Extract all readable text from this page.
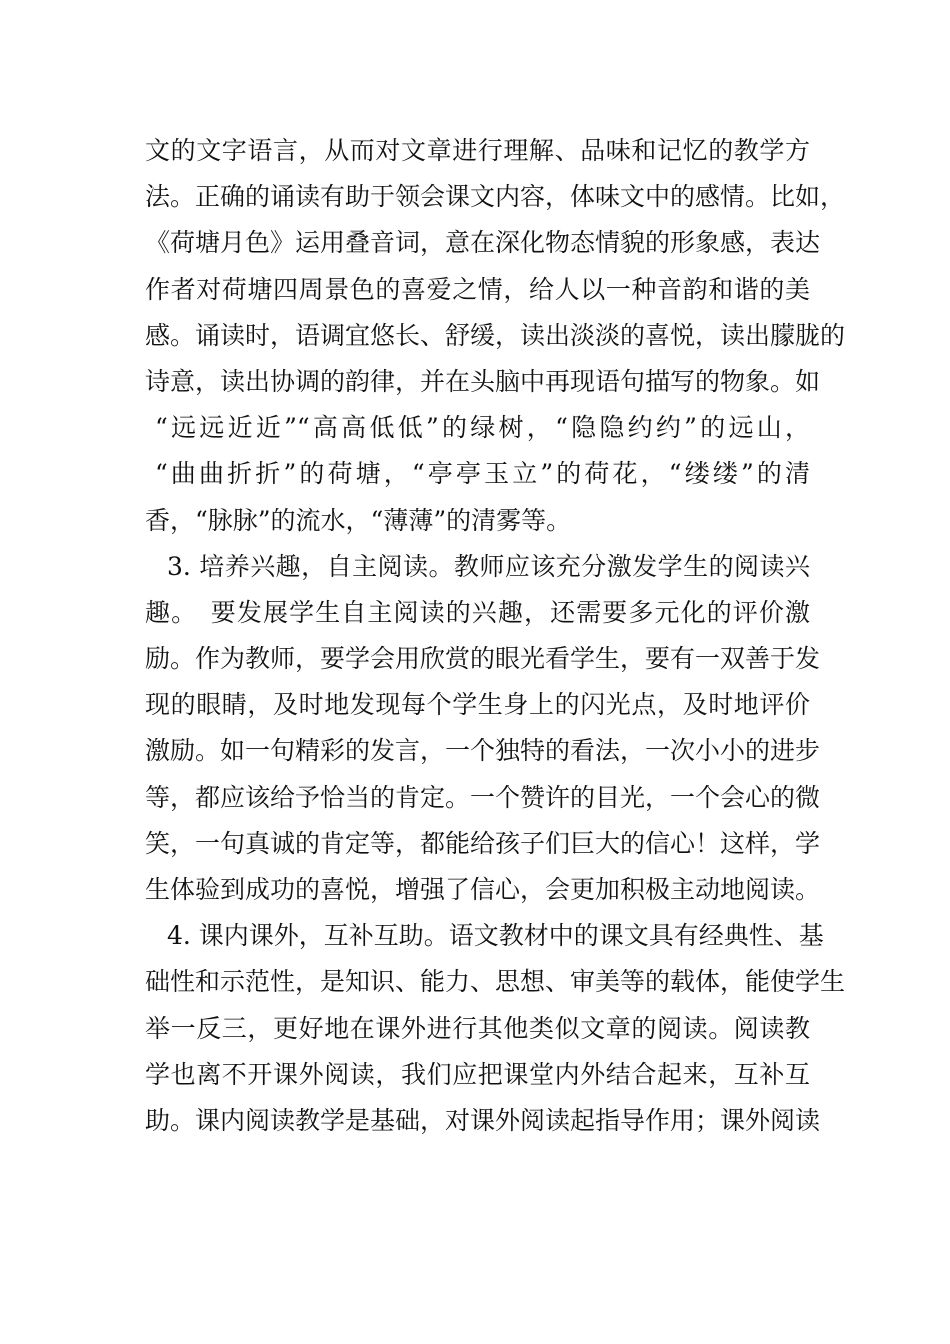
文的文字语言，从而对文章进行理解、品味和记忆的教学方
法。正确的诵读有助于领会课文内容，体味文中的感情。比如，
《荷塘月色》运用叠音词，意在深化物态情貌的形象感，表达
作者对荷塘四周景色的喜爱之情，给人以一种音韵和谐的美
感。诵读时，语调宜悠长、舒缓，读出淡淡的喜悦，读出朦胧的
诗意，读出协调的韵律，并在头脑中再现语句描写的物象。如
“远远近近”“高高低低”的绿树，“隐隐约约”的远山，
“曲曲折折”的荷塘，“亭亭玉立”的荷花，“缕缕”的清
香，“脉脉”的流水，“薄薄”的清雾等。
3. 培养兴趣，自主阅读。教师应该充分激发学生的阅读兴
趣。　要发展学生自主阅读的兴趣，还需要多元化的评价激
励。作为教师，要学会用欣赏的眼光看学生，要有一双善于发
现的眼睛，及时地发现每个学生身上的闪光点，及时地评价
激励。如一句精彩的发言，一个独特的看法，一次小小的进步
等，都应该给予恰当的肯定。一个赞许的目光，一个会心的微
笑，一句真诚的肯定等，都能给孩子们巨大的信心！这样，学
生体验到成功的喜悦，增强了信心，会更加积极主动地阅读。
4. 课内课外，互补互助。语文教材中的课文具有经典性、基
础性和示范性，是知识、能力、思想、审美等的载体，能使学生
举一反三，更好地在课外进行其他类似文章的阅读。阅读教
学也离不开课外阅读，我们应把课堂内外结合起来，互补互
助。课内阅读教学是基础，对课外阅读起指导作用；课外阅读
